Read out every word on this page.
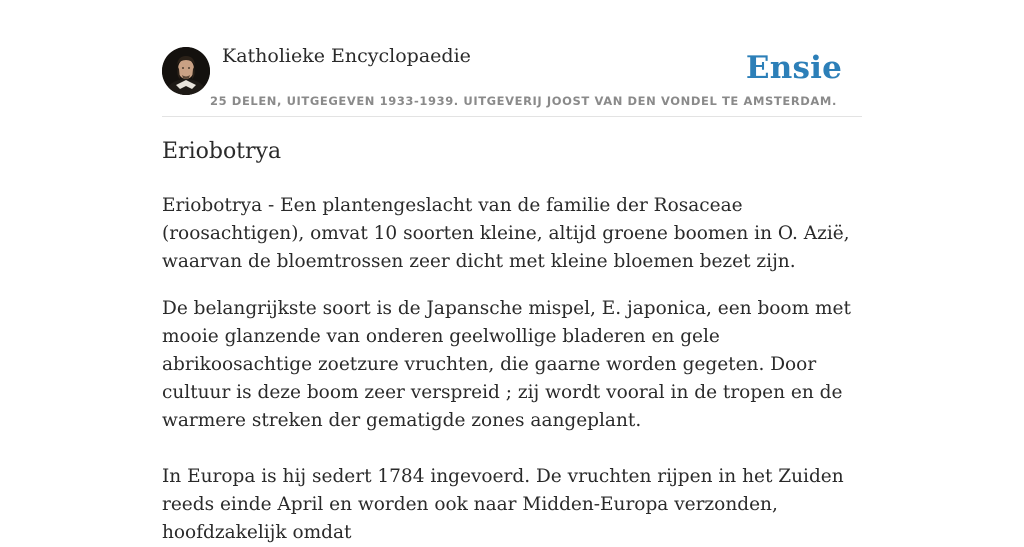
Katholieke Encyclopaedie	Ensie
25 DELEN, UITGEGEVEN 1933-1939. UITGEVERIJ JOOST VAN DEN VONDEL TE AMSTERDAM.
Eriobotrya

Eriobotrya - Een plantengeslacht van de familie der Rosaceae (roosachtigen), omvat 10 soorten kleine, altijd groene boomen in O. Azië, waarvan de bloemtrossen zeer dicht met kleine bloemen bezet zijn.

De belangrijkste soort is de Japansche mispel, E. japonica, een boom met mooie glanzende van onderen geelwollige bladeren en gele abrikoosachtige zoetzure vruchten, die gaarne worden gegeten. Door cultuur is deze boom zeer verspreid ; zij wordt vooral in de tropen en de warmere streken der gematigde zones aangeplant.

In Europa is hij sedert 1784 ingevoerd. De vruchten rijpen in het Zuiden reeds einde April en worden ook naar Midden-Europa verzonden, hoofdzakelijk omdat
